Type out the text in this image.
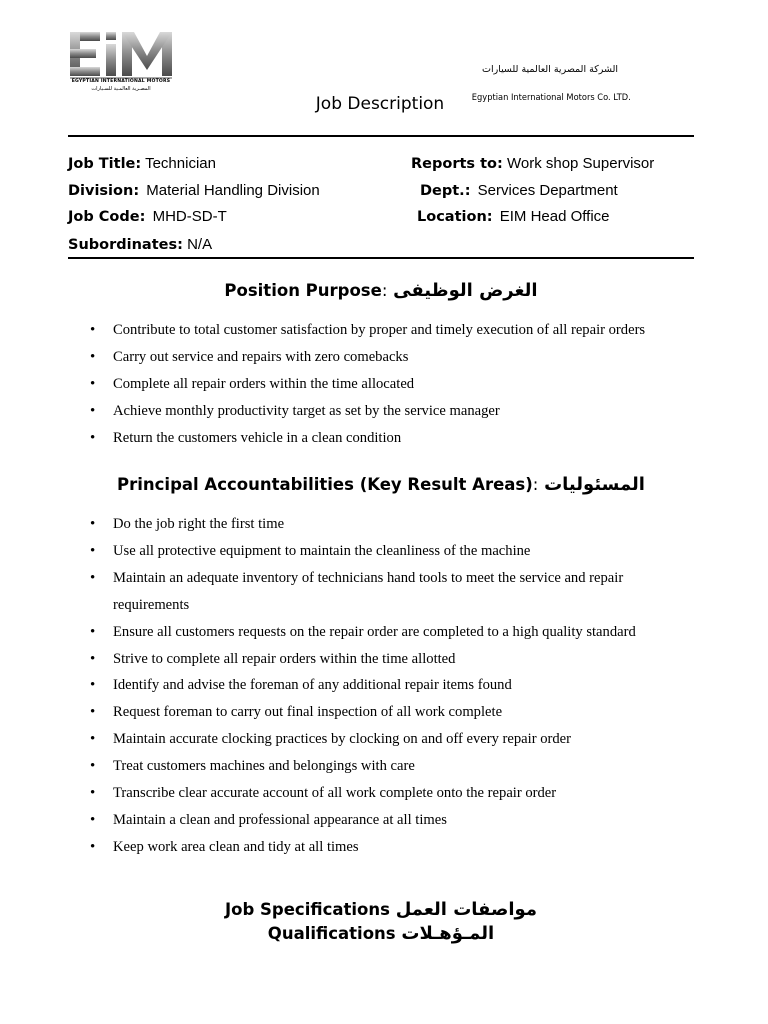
EGYPTIAN INTERNATIONAL MOTORS
المصـرية العالمـية للسـيارات
الشركة المصرية العالمية للسيارات
Job Description	Egyptian International Motors Co. LTD.
Job Title: Technician	Reports to: Work shop Supervisor
Division: Material Handling Division	Dept.: Services Department
Job Code: MHD-SD-T	Location: EIM Head Office
Subordinates: N/A
Position Purpose: الغرض الوظيفى
• Contribute to total customer satisfaction by proper and timely execution of all repair orders
• Carry out service and repairs with zero comebacks
• Complete all repair orders within the time allocated
• Achieve monthly productivity target as set by the service manager
• Return the customers vehicle in a clean condition
Principal Accountabilities (Key Result Areas): المسئوليات
• Do the job right the first time
• Use all protective equipment to maintain the cleanliness of the machine
• Maintain an adequate inventory of technicians hand tools to meet the service and repair requirements
• Ensure all customers requests on the repair order are completed to a high quality standard
• Strive to complete all repair orders within the time allotted
• Identify and advise the foreman of any additional repair items found
• Request foreman to carry out final inspection of all work complete
• Maintain accurate clocking practices by clocking on and off every repair order
• Treat customers machines and belongings with care
• Transcribe clear accurate account of all work complete onto the repair order
• Maintain a clean and professional appearance at all times
• Keep work area clean and tidy at all times
Job Specifications مواصفات العمل
Qualifications المـؤهـلات
